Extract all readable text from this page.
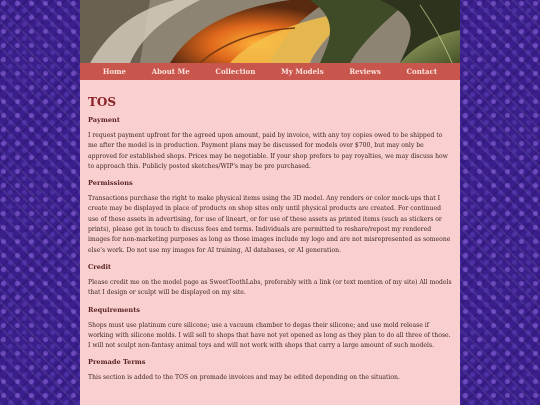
Home	About Me	Collection	My Models	Reviews	Contact
TOS
Payment
I request payment upfront for the agreed upon amount, paid by invoice, with any toy copies owed to be shipped to me after the model is in production. Payment plans may be discussed for models over $700, but may only be approved for established shops. Prices may be negotiable. If your shop prefers to pay royalties, we may discuss how to approach this. Publicly posted sketches/WIP's may be pre purchased.
Permissions
Transactions purchase the right to make physical items using the 3D model. Any renders or color mock-ups that I create may be displayed in place of products on shop sites only until physical products are created. For continued use of these assets in advertising, for use of lineart, or for use of these assets as printed items (such as stickers or prints), please get in touch to discuss fees and terms. Individuals are permitted to reshare/repost my rendered images for non-marketing purposes as long as those images include my logo and are not misrepresented as someone else's work. Do not use my images for AI training, AI databases, or AI generation.
Credit
Please credit me on the model page as SweetToothLabs, preferably with a link (or text mention of my site) All models that I design or sculpt will be displayed on my site.
Requirements
Shops must use platinum cure silicone; use a vacuum chamber to degas their silicone; and use mold release if working with silicone molds. I will sell to shops that have not yet opened as long as they plan to do all three of those. I will not sculpt non-fantasy animal toys and will not work with shops that carry a large amount of such models.
Premade Terms
This section is added to the TOS on premade invoices and may be edited depending on the situation.
